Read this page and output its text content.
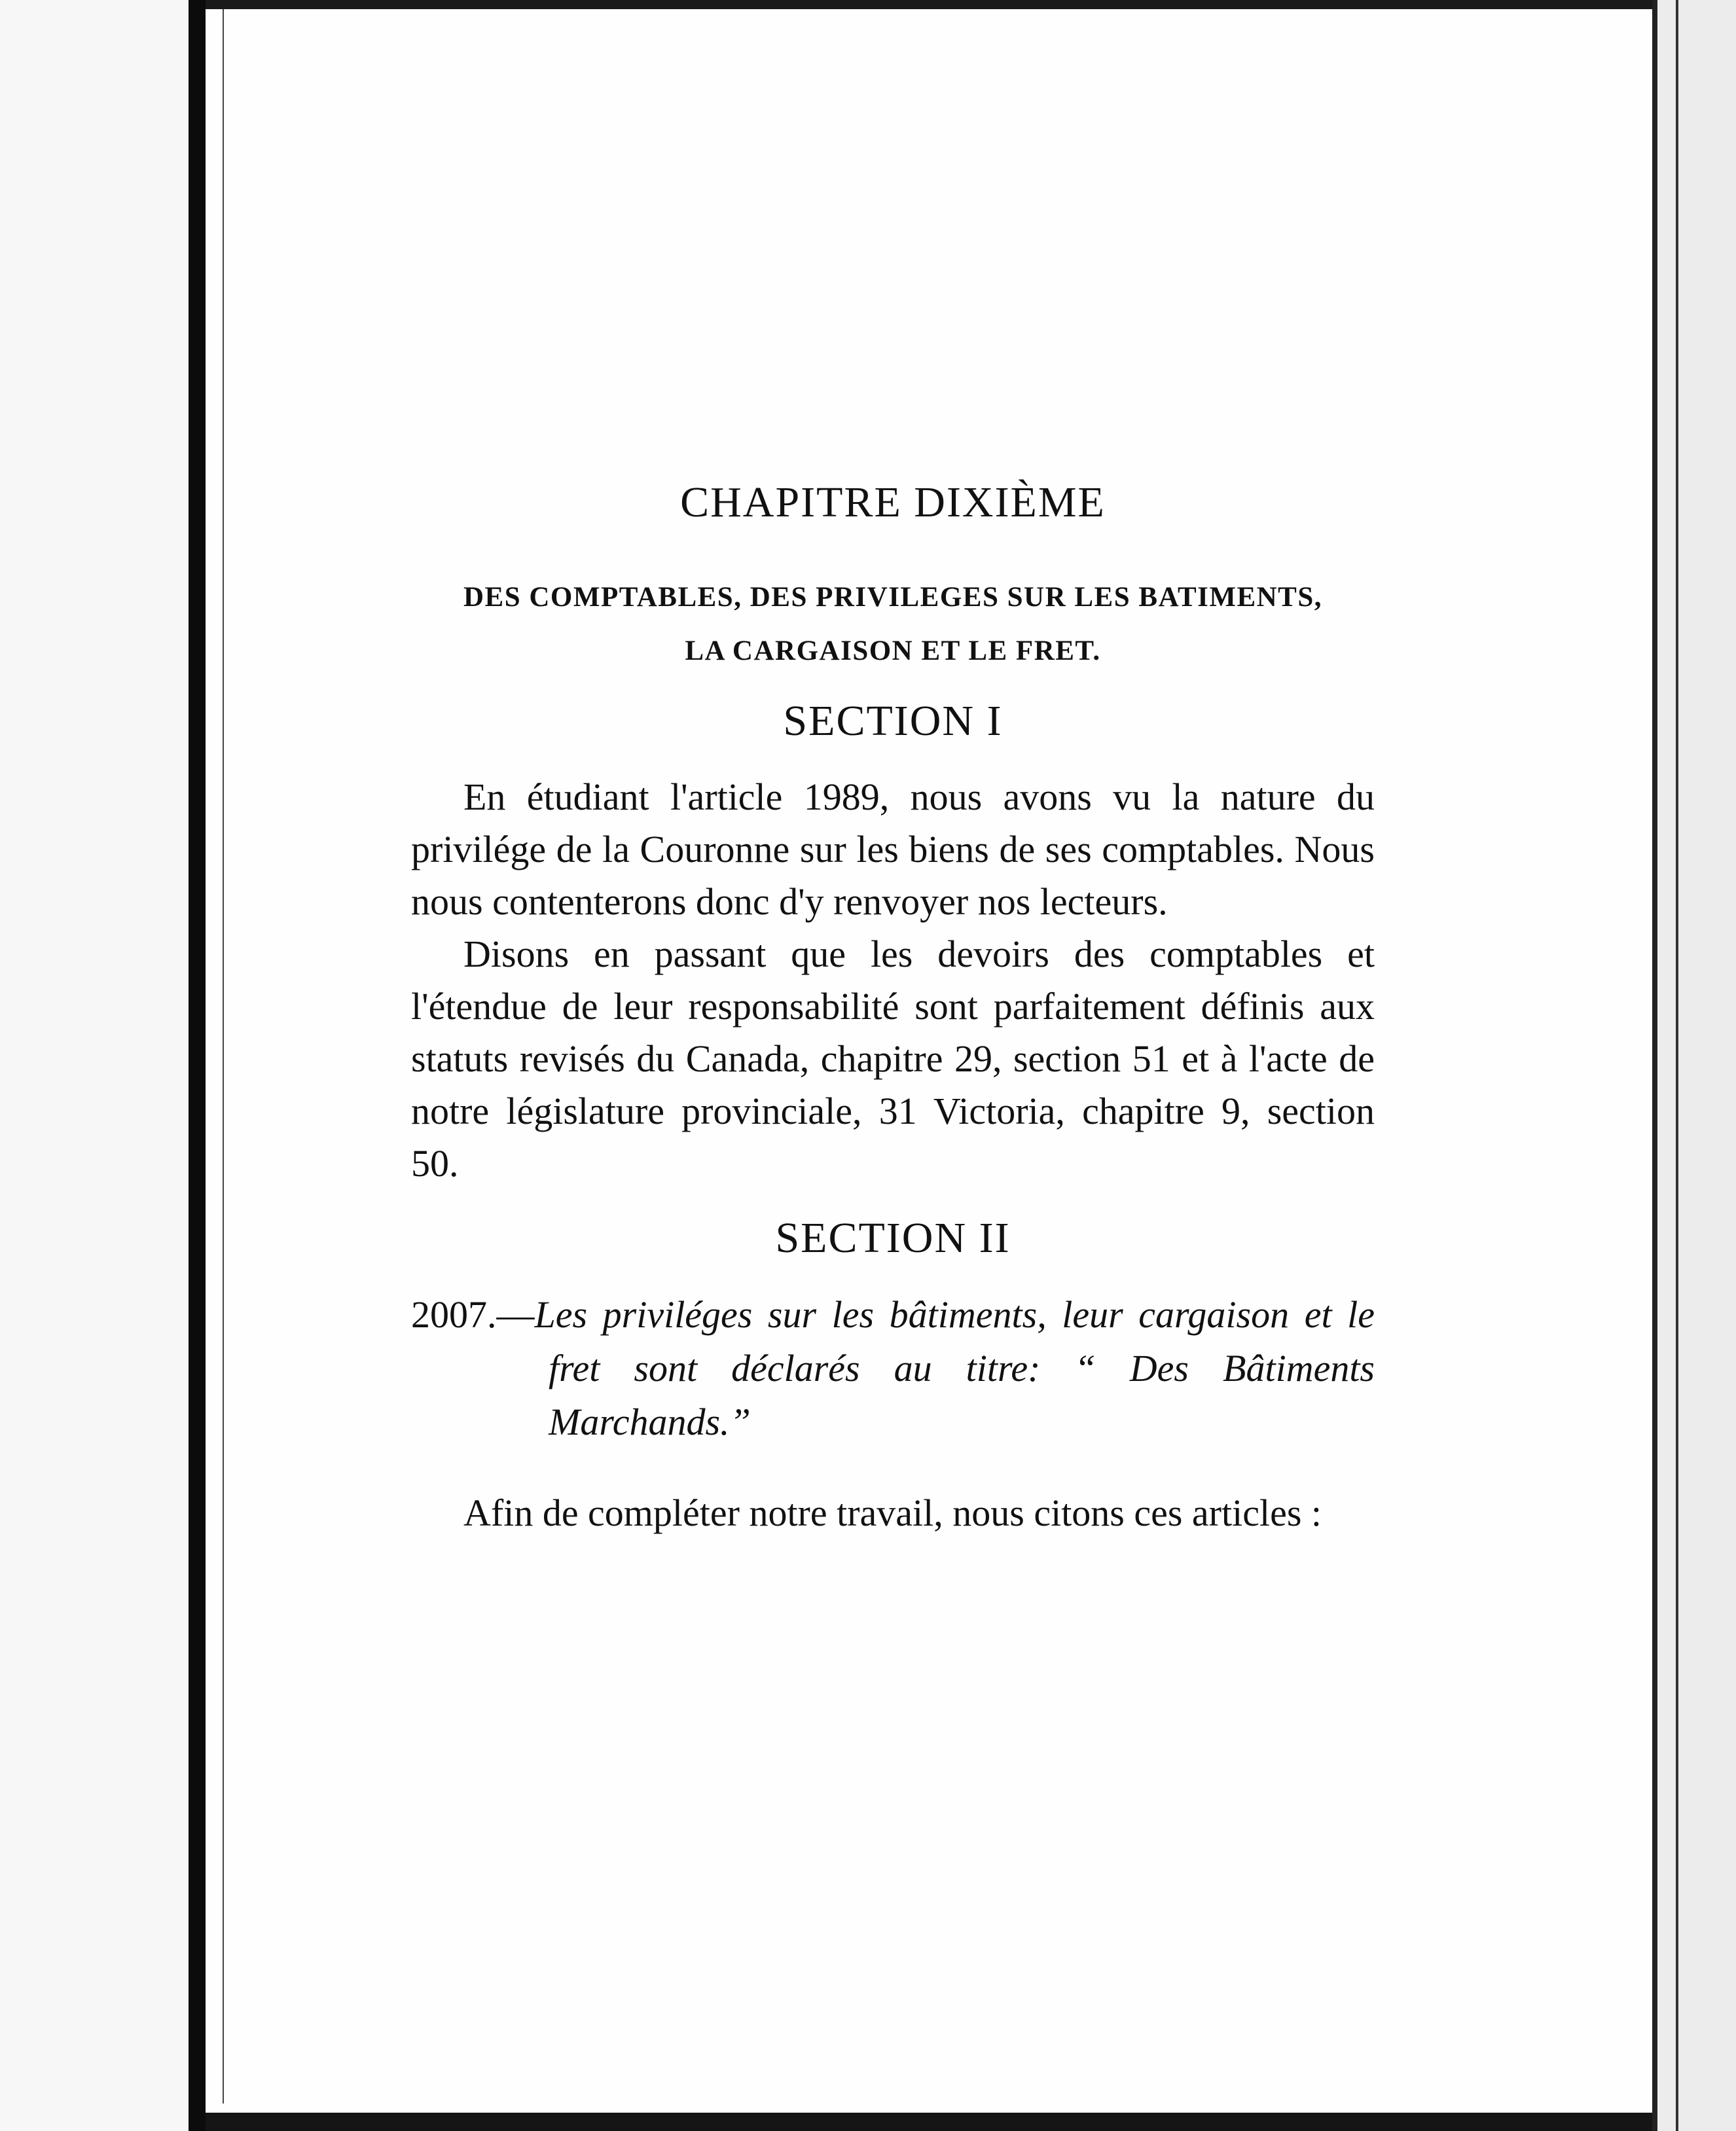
CHAPITRE DIXIÈME
DES COMPTABLES, DES PRIVILEGES SUR LES BATIMENTS,
LA CARGAISON ET LE FRET.
SECTION I

En étudiant l'article 1989, nous avons vu la nature du privilége de la Couronne sur les biens de ses comptables. Nous nous contenterons donc d'y renvoyer nos lecteurs.

Disons en passant que les devoirs des comptables et l'étendue de leur responsabilité sont parfaitement définis aux statuts revisés du Canada, chapitre 29, section 51 et à l'acte de notre législature provinciale, 31 Victoria, chapitre 9, section 50.

SECTION II

2007.—Les priviléges sur les bâtiments, leur cargaison et le fret sont déclarés au titre: “ Des Bâtiments Marchands.”

Afin de compléter notre travail, nous citons ces articles :
